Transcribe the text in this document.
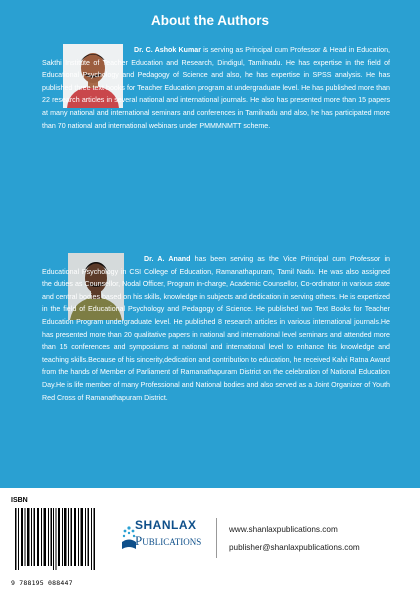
About the Authors

Dr. C. Ashok Kumar is serving as Principal cum Professor & Head in Education, Sakthi Institute of Teacher Education and Research, Dindigul, Tamilnadu. He has expertise in the field of Educational Psychology and Pedagogy of Science and also, he has expertise in SPSS analysis. He has published three text books for Teacher Education program at undergraduate level. He has published more than 22 research articles in several national and international journals. He also has presented more than 15 papers at many national and international seminars and conferences in Tamilnadu and also, he has participated more than 70 national and international webinars under PMMMNMTT scheme.

Dr. A. Anand has been serving as the Vice Principal cum Professor in Educational Psychology in CSI College of Education, Ramanathapuram, Tamil Nadu. He was also assigned the duties as Counsellor, Nodal Officer, Program in-charge, Academic Counsellor, Co-ordinator in various state and central bodies based on his skills, knowledge in subjects and dedication in serving others. He is expertized in the field of Educational Psychology and Pedagogy of Science. He published two Text Books for Teacher Education Program undergraduate level. He published 8 research articles in various international journals.He has presented more than 20 qualitative papers in national and international level seminars and attended more than 15 conferences and symposiums at national and international level to enhance his knowledge and teaching skills.Because of his sincerity,dedication and contribution to education, he received Kalvi Ratna Award from the hands of Member of Parliament of Ramanathapuram District on the celebration of National Education Day.He is life member of many Professional and National bodies and also served as a Joint Organizer of Youth Red Cross of Ramanathapuram District.

ISBN
9 788195 088447
SHANLAX
Publications
www.shanlaxpublications.com
publisher@shanlaxpublications.com
